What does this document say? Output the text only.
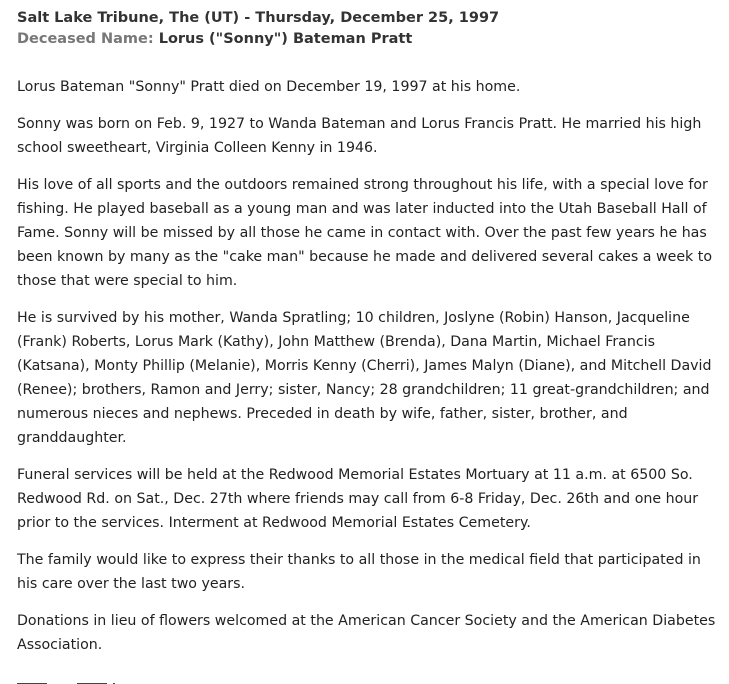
Salt Lake Tribune, The (UT) - Thursday, December 25, 1997
Deceased Name: Lorus ("Sonny") Bateman Pratt

Lorus Bateman "Sonny" Pratt died on December 19, 1997 at his home.

Sonny was born on Feb. 9, 1927 to Wanda Bateman and Lorus Francis Pratt. He married his high school sweetheart, Virginia Colleen Kenny in 1946.

His love of all sports and the outdoors remained strong throughout his life, with a special love for fishing. He played baseball as a young man and was later inducted into the Utah Baseball Hall of Fame. Sonny will be missed by all those he came in contact with. Over the past few years he has been known by many as the "cake man" because he made and delivered several cakes a week to those that were special to him.

He is survived by his mother, Wanda Spratling; 10 children, Joslyne (Robin) Hanson, Jacqueline (Frank) Roberts, Lorus Mark (Kathy), John Matthew (Brenda), Dana Martin, Michael Francis (Katsana), Monty Phillip (Melanie), Morris Kenny (Cherri), James Malyn (Diane), and Mitchell David (Renee); brothers, Ramon and Jerry; sister, Nancy; 28 grandchildren; 11 great-grandchildren; and numerous nieces and nephews. Preceded in death by wife, father, sister, brother, and granddaughter.

Funeral services will be held at the Redwood Memorial Estates Mortuary at 11 a.m. at 6500 So. Redwood Rd. on Sat., Dec. 27th where friends may call from 6-8 Friday, Dec. 26th and one hour prior to the services. Interment at Redwood Memorial Estates Cemetery.

The family would like to express their thanks to all those in the medical field that participated in his care over the last two years.

Donations in lieu of flowers welcomed at the American Cancer Society and the American Diabetes Association.
